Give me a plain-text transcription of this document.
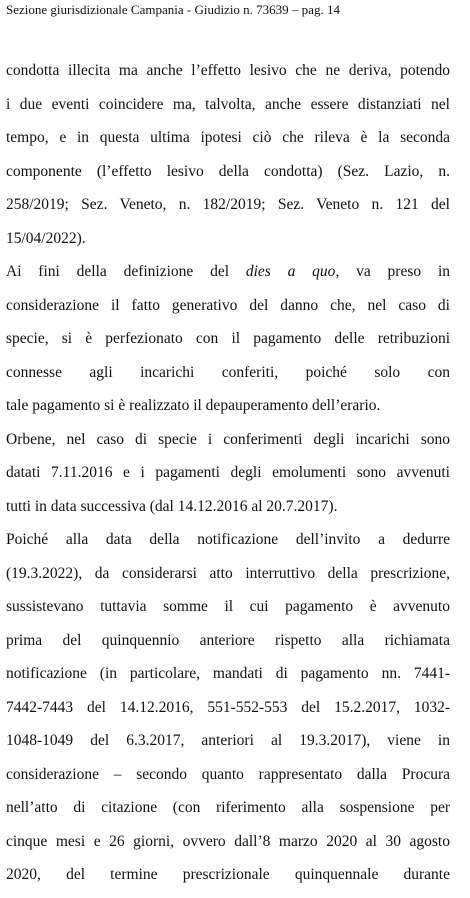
Sezione giurisdizionale Campania - Giudizio n. 73639 – pag. 14
condotta illecita ma anche l’effetto lesivo che ne deriva, potendo
i due eventi coincidere ma, talvolta, anche essere distanziati nel
tempo, e in questa ultima ipotesi ciò che rileva è la seconda
componente (l’effetto lesivo della condotta) (Sez. Lazio, n.
258/2019; Sez. Veneto, n. 182/2019; Sez. Veneto n. 121 del
15/04/2022).
Ai fini della definizione del dies a quo, va preso in
considerazione il fatto generativo del danno che, nel caso di
specie, si è perfezionato con il pagamento delle retribuzioni
connesse agli incarichi conferiti, poiché solo con
tale pagamento si è realizzato il depauperamento dell’erario.
Orbene, nel caso di specie i conferimenti degli incarichi sono
datati 7.11.2016 e i pagamenti degli emolumenti sono avvenuti
tutti in data successiva (dal 14.12.2016 al 20.7.2017).
Poiché alla data della notificazione dell’invito a dedurre
(19.3.2022), da considerarsi atto interruttivo della prescrizione,
sussistevano tuttavia somme il cui pagamento è avvenuto
prima del quinquennio anteriore rispetto alla richiamata
notificazione (in particolare, mandati di pagamento nn. 7441-
7442-7443 del 14.12.2016, 551-552-553 del 15.2.2017, 1032-
1048-1049 del 6.3.2017, anteriori al 19.3.2017), viene in
considerazione – secondo quanto rappresentato dalla Procura
nell’atto di citazione (con riferimento alla sospensione per
cinque mesi e 26 giorni, ovvero dall’8 marzo 2020 al 30 agosto
2020, del termine prescrizionale quinquennale durante
